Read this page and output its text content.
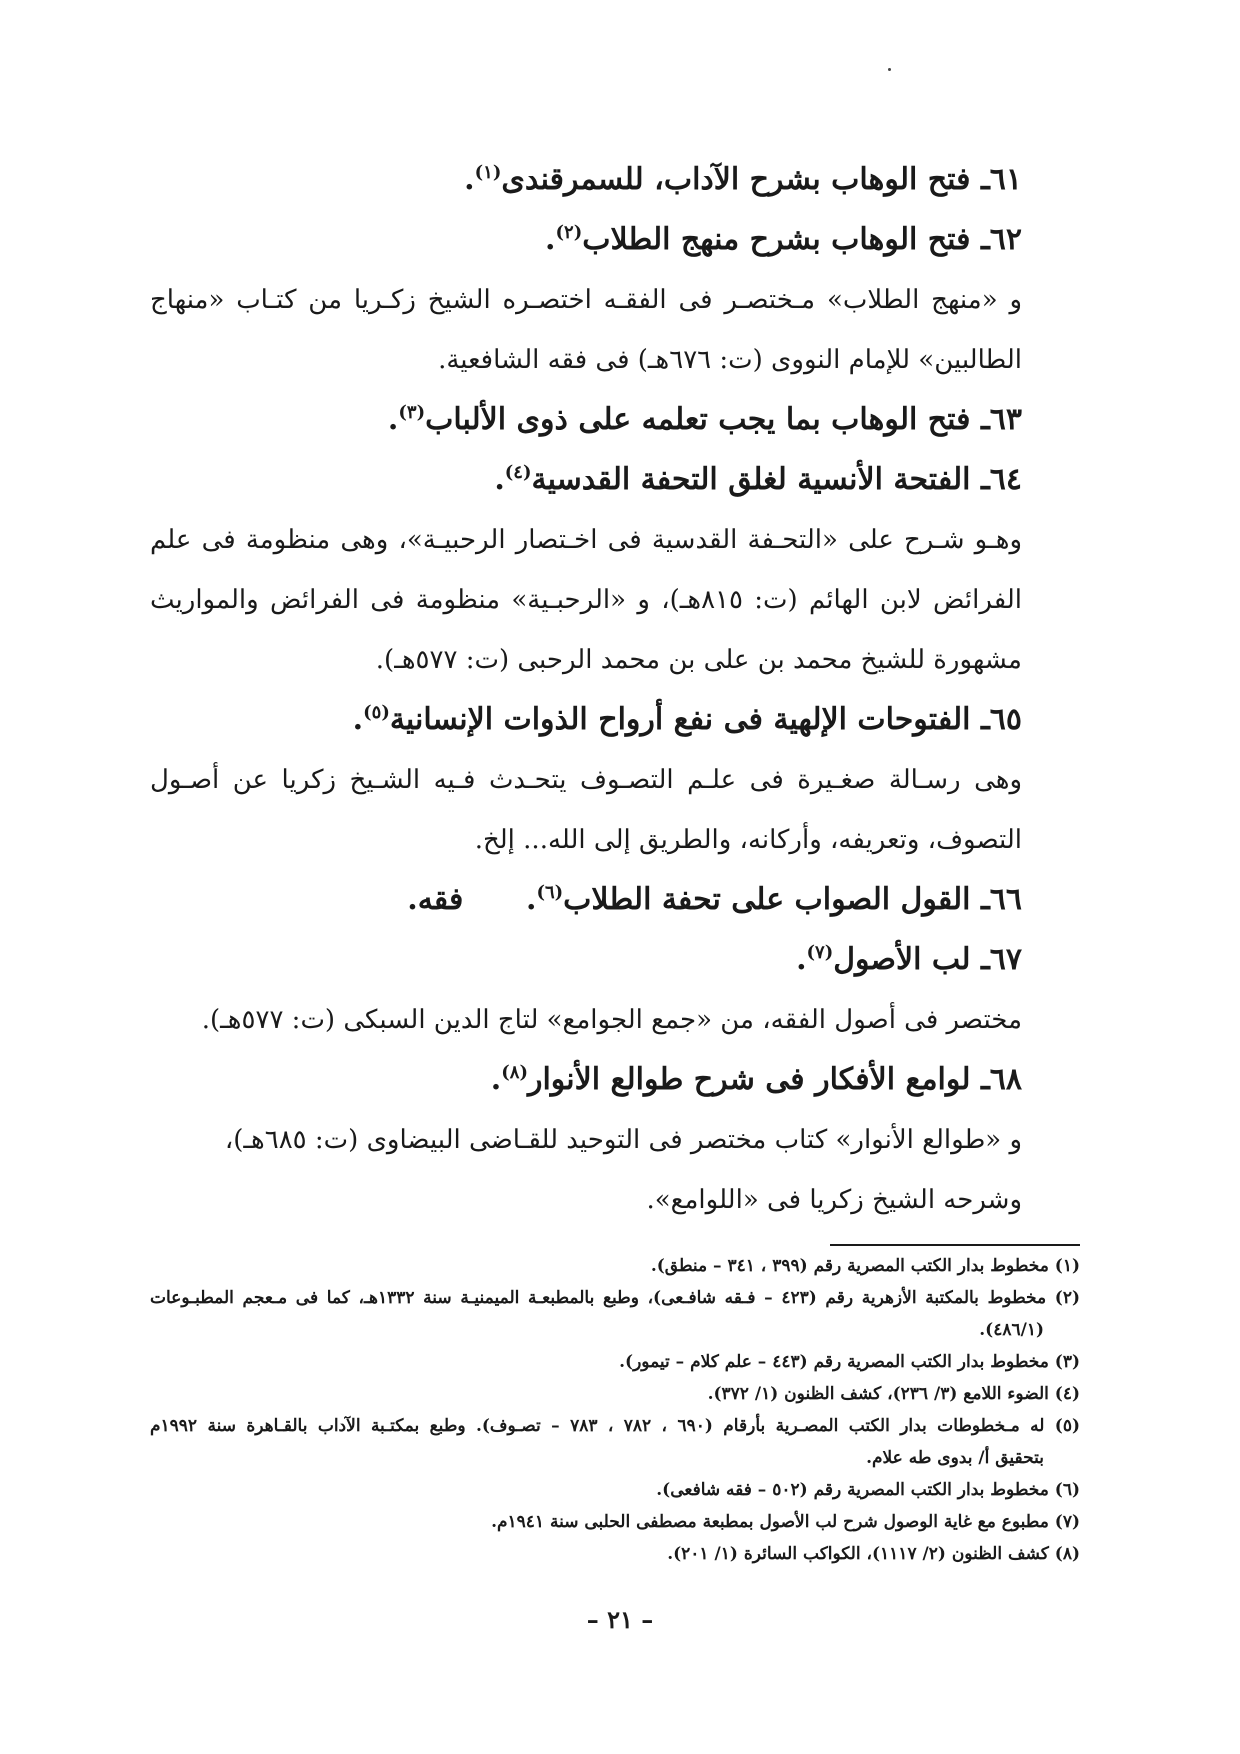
٦١ـ فتح الوهاب بشرح الآداب، للسمرقندى$^{(١)}$.
٦٢ـ فتح الوهاب بشرح منهج الطلاب$^{(٢)}$.
و «منهج الطلاب» مـختصـر فى الفقـه اختصـره الشيخ زكـريا من كتـاب «منهاج
الطالبين» للإمام النووى (ت: ٦٧٦هـ) فى فقه الشافعية.
٦٣ـ فتح الوهاب بما يجب تعلمه على ذوى الألباب$^{(٣)}$.
٦٤ـ الفتحة الأنسية لغلق التحفة القدسية$^{(٤)}$.
وهـو شـرح على «التحـفة القدسية فى اخـتصار الرحبيـة»، وهى منظومة فى علم
الفرائض لابن الهائم (ت: ٨١٥هـ)، و «الرحبـية» منظومة فى الفرائض والمواريث
مشهورة للشيخ محمد بن على بن محمد الرحبى (ت: ٥٧٧هـ).
٦٥ـ الفتوحات الإلهية فى نفع أرواح الذوات الإنسانية$^{(٥)}$.
وهى رسـالة صغـيرة فى علـم التصـوف يتحـدث فـيه الشـيخ زكريا عن أصـول
التصوف، وتعريفه، وأركانه، والطريق إلى الله... إلخ.
٦٦ـ القول الصواب على تحفة الطلاب$^{(٦)}$.      فقه.
٦٧ـ لب الأصول$^{(٧)}$.
مختصر فى أصول الفقه، من «جمع الجوامع» لتاج الدين السبكى (ت: ٥٧٧هـ).
٦٨ـ لوامع الأفكار فى شرح طوالع الأنوار$^{(٨)}$.
و «طوالع الأنوار» كتاب مختصر فى التوحيد للقـاضى البيضاوى (ت: ٦٨٥هـ)،
وشرحه الشيخ زكريا فى «اللوامع».
(١) مخطوط بدار الكتب المصرية رقم (٣٩٩ ، ٣٤١ – منطق).
(٢) مخطوط بالمكتبة الأزهرية رقم (٤٢٣ – فـقه شافـعى)، وطبع بالمطبعـة الميمنيـة سنة ١٣٣٢هـ، كما فى مـعجم المطبـوعات
(٤٨٦/١).
(٣) مخطوط بدار الكتب المصرية رقم (٤٤٣ – علم كلام – تيمور).
(٤) الضوء اللامع (٣/ ٢٣٦)، كشف الظنون (١/ ٣٧٢).
(٥) له مـخطوطات بدار الكتب المصـرية بأرقام (٦٩٠ ، ٧٨٢ ، ٧٨٣ – تصـوف). وطبع بمكتـبة الآداب بالقـاهرة سنة ١٩٩٢م
بتحقيق أ/ بدوى طه علام.
(٦) مخطوط بدار الكتب المصرية رقم (٥٠٢ – فقه شافعى).
(٧) مطبوع مع غاية الوصول شرح لب الأصول بمطبعة مصطفى الحلبى سنة ١٩٤١م.
(٨) كشف الظنون (٢/ ١١١٧)، الكواكب السائرة (١/ ٢٠١).
– ٢١ –
